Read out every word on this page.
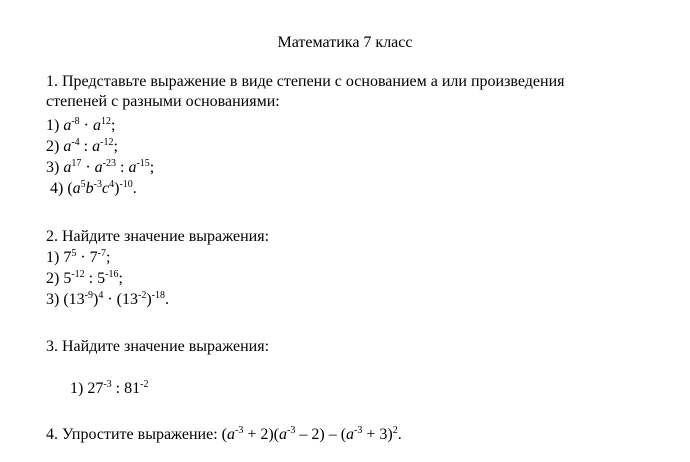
Математика 7 класс
1. Представьте выражение в виде степени с основанием а или произведения
степеней с разными основаниями:
1) $a^{-8} \cdot a^{12}$;
2) $a^{-4}$ : $a^{-12}$;
3) $a^{17} \cdot a^{-23}$ : $a^{-15}$;
4) $(a^5b^{-3}c^4)^{-10}$.
2. Найдите значение выражения:
1) $7^5 \cdot 7^{-7}$;
2) $5^{-12}$ : $5^{-16}$;
3) $(13^{-9})^4 \cdot (13^{-2})^{-18}$.
3. Найдите значение выражения:
1) $27^{-3}$ : $81^{-2}$
4. Упростите выражение: $(a^{-3} + 2)(a^{-3} - 2) - (a^{-3} + 3)^2$.
